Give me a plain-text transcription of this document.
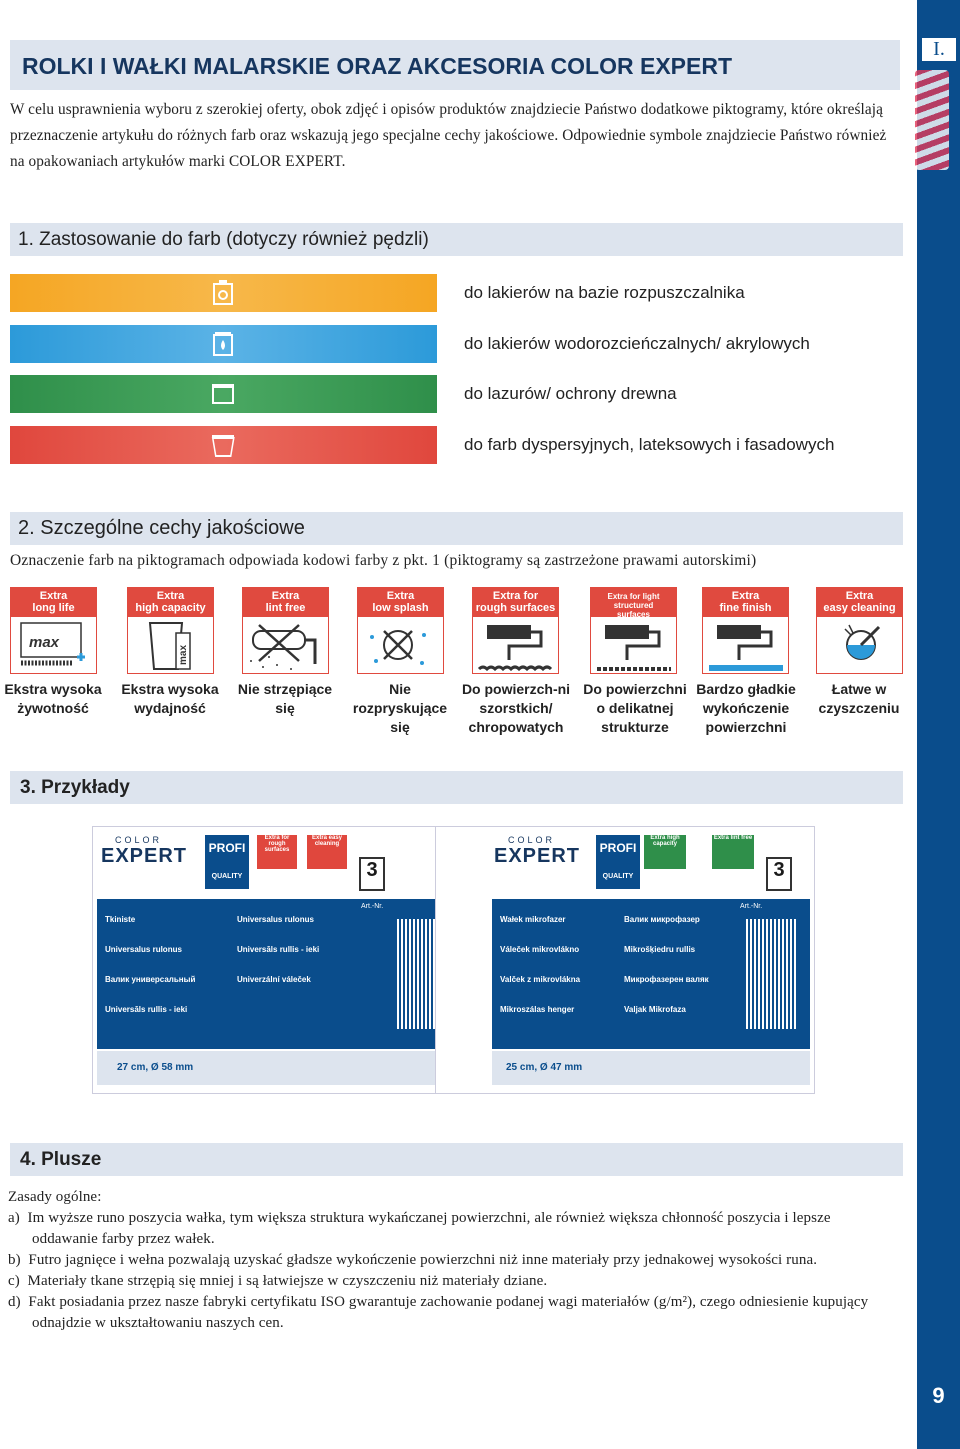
I.
9
ROLKI I WAŁKI MALARSKIE ORAZ AKCESORIA COLOR EXPERT
W celu usprawnienia wyboru z szerokiej oferty, obok zdjęć i opisów produktów znajdziecie Państwo dodatkowe piktogramy, które określają przeznaczenie artykułu do różnych farb oraz wskazują jego specjalne cechy jakościowe. Odpowiednie symbole znajdziecie Państwo również na opakowaniach artykułów marki COLOR EXPERT.
1. Zastosowanie do farb (dotyczy również pędzli)
do lakierów na bazie rozpuszczalnika
do lakierów wodorozcieńczalnych/ akrylowych
do lazurów/ ochrony drewna
do farb dyspersyjnych, lateksowych i fasadowych
2. Szczególne cechy jakościowe
Oznaczenie farb na piktogramach odpowiada kodowi farby z pkt. 1 (piktogramy są zastrzeżone prawami autorskimi)
Extra
long life
max
Extra
high capacity
max
Extra
lint free
Extra
low splash
Extra for
rough surfaces
Extra for light structured
surfaces
Extra
fine finish
Extra
easy cleaning
Ekstra wysoka żywotność
Ekstra wysoka wydajność
Nie strzępiące się
Nie rozpryskujące się
Do powierzch-ni szorstkich/ chropowatych
Do powierzchni o delikatnej strukturze
Bardzo gładkie wykończenie powierzchni
Łatwe w czyszczeniu
3. Przykłady
COLOR
EXPERT	PROFI
QUALITY
Extra for rough surfaces
Extra easy cleaning
3
Tkiniste
Universalus rulonus
Валик универсальный
Universāls rullis - ieki
Universalus rulonus
Universāls rullis - ieki
Univerzální váleček
Art.-Nr.
27 cm, Ø 58 mm
COLOR
EXPERT	PROFI
QUALITY
Extra high capacity
Extra lint free
3
Wałek mikrofazer
Váleček mikrovlákno
Valček z mikrovlákna
Mikroszálas henger
Валик микрофазер
Mikrošķiedru rullis
Микрофазерен валяк
Valjak Mikrofaza
Art.-Nr.
25 cm, Ø 47 mm
4. Plusze

Zasady ogólne:

a)  Im wyższe runo poszycia wałka, tym większa struktura wykańczanej powierzchni, ale również większa chłonność poszycia i lepsze oddawanie farby przez wałek.

b)  Futro jagnięce i wełna pozwalają uzyskać gładsze wykończenie powierzchni niż inne materiały przy jednakowej wysokości runa.

c)  Materiały tkane strzępią się mniej i są łatwiejsze w czyszczeniu niż materiały dziane.

d)  Fakt posiadania przez nasze fabryki certyfikatu ISO gwarantuje zachowanie podanej wagi materiałów (g/m²), czego odniesienie kupujący odnajdzie w ukształtowaniu naszych cen.
